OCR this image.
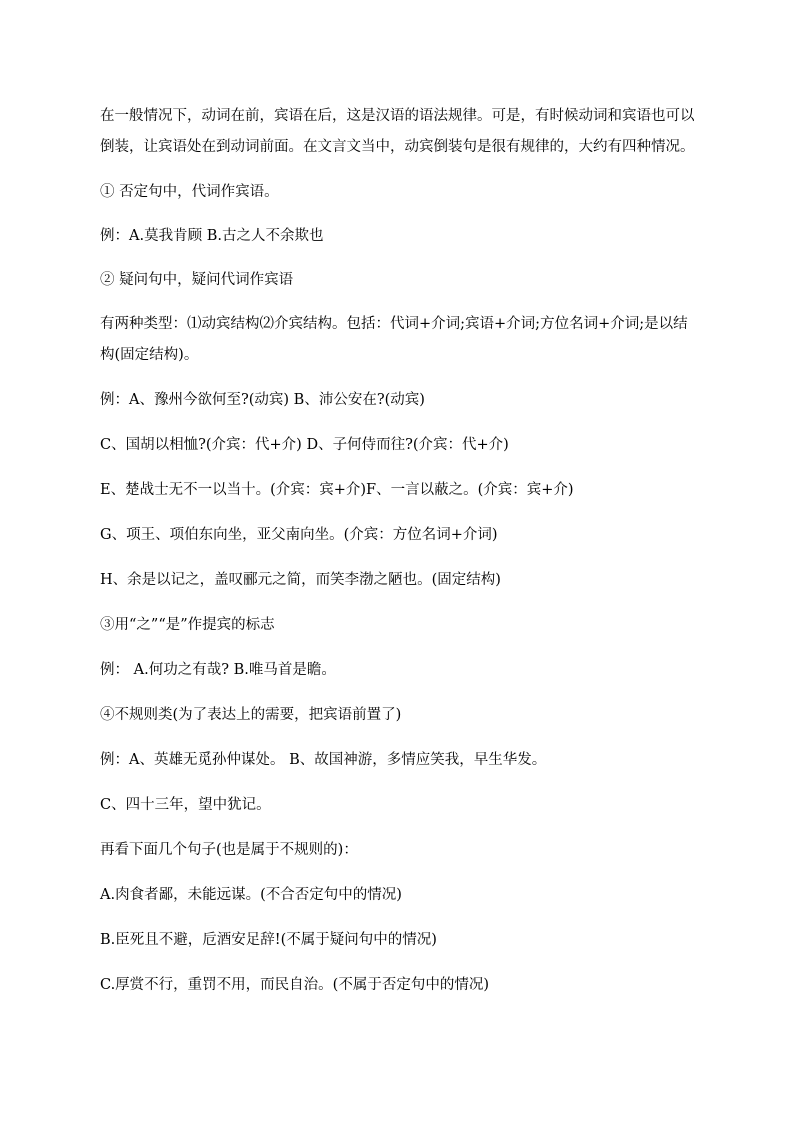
在一般情况下，动词在前，宾语在后，这是汉语的语法规律。可是，有时候动词和宾语也可以
倒装，让宾语处在到动词前面。在文言文当中，动宾倒装句是很有规律的，大约有四种情况。
① 否定句中，代词作宾语。
例：A.莫我肯顾 B.古之人不余欺也
② 疑问句中，疑问代词作宾语
有两种类型：⑴动宾结构⑵介宾结构。包括：代词+介词;宾语+介词;方位名词+介词;是以结
构(固定结构)。
例：A、豫州今欲何至?(动宾) B、沛公安在?(动宾)
C、国胡以相恤?(介宾：代+介) D、子何侍而往?(介宾：代+介)
E、楚战士无不一以当十。(介宾：宾+介)F、一言以蔽之。(介宾：宾+介)
G、项王、项伯东向坐，亚父南向坐。(介宾：方位名词+介词)
H、余是以记之，盖叹郦元之简，而笑李渤之陋也。(固定结构)
③用“之”“是”作提宾的标志
例： A.何功之有哉? B.唯马首是瞻。
④不规则类(为了表达上的需要，把宾语前置了)
例：A、英雄无觅孙仲谋处。 B、故国神游，多情应笑我，早生华发。
C、四十三年，望中犹记。
再看下面几个句子(也是属于不规则的)：
A.肉食者鄙，未能远谋。(不合否定句中的情况)
B.臣死且不避，卮酒安足辞!(不属于疑问句中的情况)
C.厚赏不行，重罚不用，而民自治。(不属于否定句中的情况)
